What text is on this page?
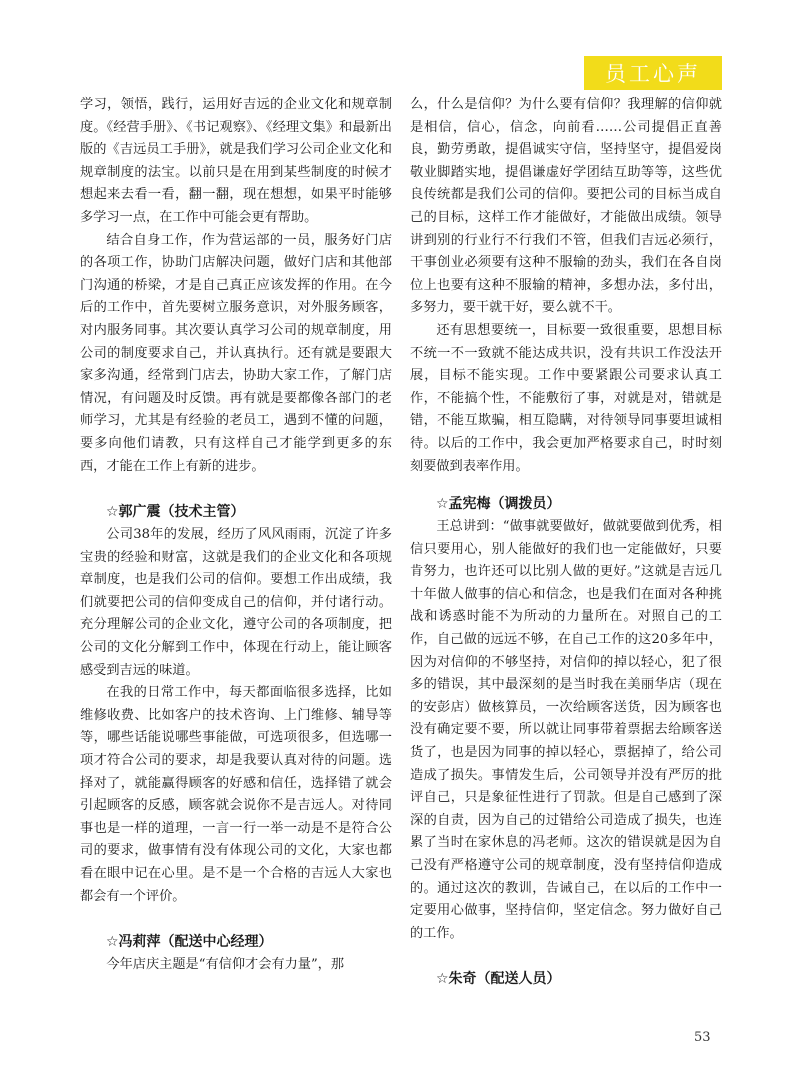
员工心声

学习，领悟，践行，运用好吉远的企业文化和规章制度。《经营手册》、《书记观察》、《经理文集》和最新出版的《吉远员工手册》，就是我们学习公司企业文化和规章制度的法宝。以前只是在用到某些制度的时候才想起来去看一看，翻一翻，现在想想，如果平时能够多学习一点，在工作中可能会更有帮助。

结合自身工作，作为营运部的一员，服务好门店的各项工作，协助门店解决问题，做好门店和其他部门沟通的桥梁，才是自己真正应该发挥的作用。在今后的工作中，首先要树立服务意识，对外服务顾客，对内服务同事。其次要认真学习公司的规章制度，用公司的制度要求自己，并认真执行。还有就是要跟大家多沟通，经常到门店去，协助大家工作，了解门店情况，有问题及时反馈。再有就是要都像各部门的老师学习，尤其是有经验的老员工，遇到不懂的问题，要多向他们请教，只有这样自己才能学到更多的东西，才能在工作上有新的进步。

☆郭广震（技术主管）

公司38年的发展，经历了风风雨雨，沉淀了许多宝贵的经验和财富，这就是我们的企业文化和各项规章制度，也是我们公司的信仰。要想工作出成绩，我们就要把公司的信仰变成自己的信仰，并付诸行动。充分理解公司的企业文化，遵守公司的各项制度，把公司的文化分解到工作中，体现在行动上，能让顾客感受到吉远的味道。

在我的日常工作中，每天都面临很多选择，比如维修收费、比如客户的技术咨询、上门维修、辅导等等，哪些话能说哪些事能做，可选项很多，但选哪一项才符合公司的要求，却是我要认真对待的问题。选择对了，就能赢得顾客的好感和信任，选择错了就会引起顾客的反感，顾客就会说你不是吉远人。对待同事也是一样的道理，一言一行一举一动是不是符合公司的要求，做事情有没有体现公司的文化，大家也都看在眼中记在心里。是不是一个合格的吉远人大家也都会有一个评价。

☆冯莉萍（配送中心经理）

今年店庆主题是“有信仰才会有力量”，那

么，什么是信仰？为什么要有信仰？我理解的信仰就是相信，信心，信念，向前看……公司提倡正直善良，勤劳勇敢，提倡诚实守信，坚持坚守，提倡爱岗敬业脚踏实地，提倡谦虚好学团结互助等等，这些优良传统都是我们公司的信仰。要把公司的目标当成自己的目标，这样工作才能做好，才能做出成绩。领导讲到别的行业行不行我们不管，但我们吉远必须行，干事创业必须要有这种不服输的劲头，我们在各自岗位上也要有这种不服输的精神，多想办法，多付出，多努力，要干就干好，要么就不干。

还有思想要统一，目标要一致很重要，思想目标不统一不一致就不能达成共识，没有共识工作没法开展，目标不能实现。工作中要紧跟公司要求认真工作，不能搞个性，不能敷衍了事，对就是对，错就是错，不能互欺骗，相互隐瞒，对待领导同事要坦诚相待。以后的工作中，我会更加严格要求自己，时时刻刻要做到表率作用。

☆孟宪梅（调拨员）

王总讲到：“做事就要做好，做就要做到优秀，相信只要用心，别人能做好的我们也一定能做好，只要肯努力，也许还可以比别人做的更好。”这就是吉远几十年做人做事的信心和信念，也是我们在面对各种挑战和诱惑时能不为所动的力量所在。对照自己的工作，自己做的远远不够，在自己工作的这20多年中，因为对信仰的不够坚持，对信仰的掉以轻心，犯了很多的错误，其中最深刻的是当时我在美丽华店（现在的安彭店）做核算员，一次给顾客送货，因为顾客也没有确定要不要，所以就让同事带着票据去给顾客送货了，也是因为同事的掉以轻心，票据掉了，给公司造成了损失。事情发生后，公司领导并没有严厉的批评自己，只是象征性进行了罚款。但是自己感到了深深的自责，因为自己的过错给公司造成了损失，也连累了当时在家休息的冯老师。这次的错误就是因为自己没有严格遵守公司的规章制度，没有坚持信仰造成的。通过这次的教训，告诫自己，在以后的工作中一定要用心做事，坚持信仰，坚定信念。努力做好自己的工作。

☆朱奇（配送人员）
53
